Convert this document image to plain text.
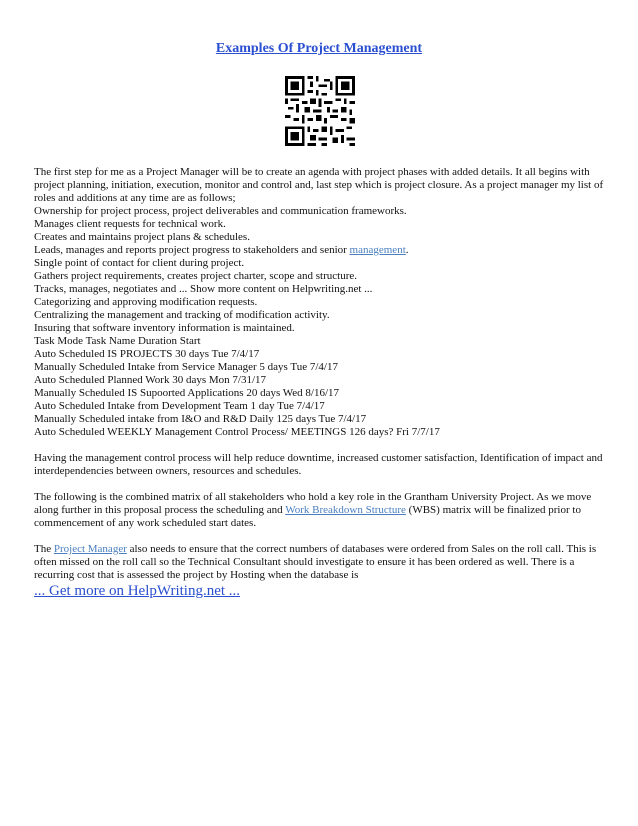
Examples Of Project Management

The first step for me as a Project Manager will be to create an agenda with project phases with added details. It all begins with project planning, initiation, execution, monitor and control and, last step which is project closure. As a project manager my list of roles and additions at any time are as follows;

Ownership for project process, project deliverables and communication frameworks.
Manages client requests for technical work.
Creates and maintains project plans & schedules.
Leads, manages and reports project progress to stakeholders and senior management.
Single point of contact for client during project.
Gathers project requirements, creates project charter, scope and structure.
Tracks, manages, negotiates and ... Show more content on Helpwriting.net ...
Categorizing and approving modification requests.
Centralizing the management and tracking of modification activity.
Insuring that software inventory information is maintained.
Task Mode Task Name Duration Start
Auto Scheduled IS PROJECTS 30 days Tue 7/4/17
Manually Scheduled Intake from Service Manager 5 days Tue 7/4/17
Auto Scheduled Planned Work 30 days Mon 7/31/17
Manually Scheduled IS Supoorted Applications 20 days Wed 8/16/17
Auto Scheduled Intake from Development Team 1 day Tue 7/4/17
Manually Scheduled intake from I&O and R&D Daily 125 days Tue 7/4/17
Auto Scheduled WEEKLY Management Control Process/ MEETINGS 126 days? Fri 7/7/17

Having the management control process will help reduce downtime, increased customer satisfaction, Identification of impact and interdependencies between owners, resources and schedules.

The following is the combined matrix of all stakeholders who hold a key role in the Grantham University Project. As we move along further in this proposal process the scheduling and Work Breakdown Structure (WBS) matrix will be finalized prior to commencement of any work scheduled start dates.

The Project Manager also needs to ensure that the correct numbers of databases were ordered from Sales on the roll call. This is often missed on the roll call so the Technical Consultant should investigate to ensure it has been ordered as well. There is a recurring cost that is assessed the project by Hosting when the database is

... Get more on HelpWriting.net ...
